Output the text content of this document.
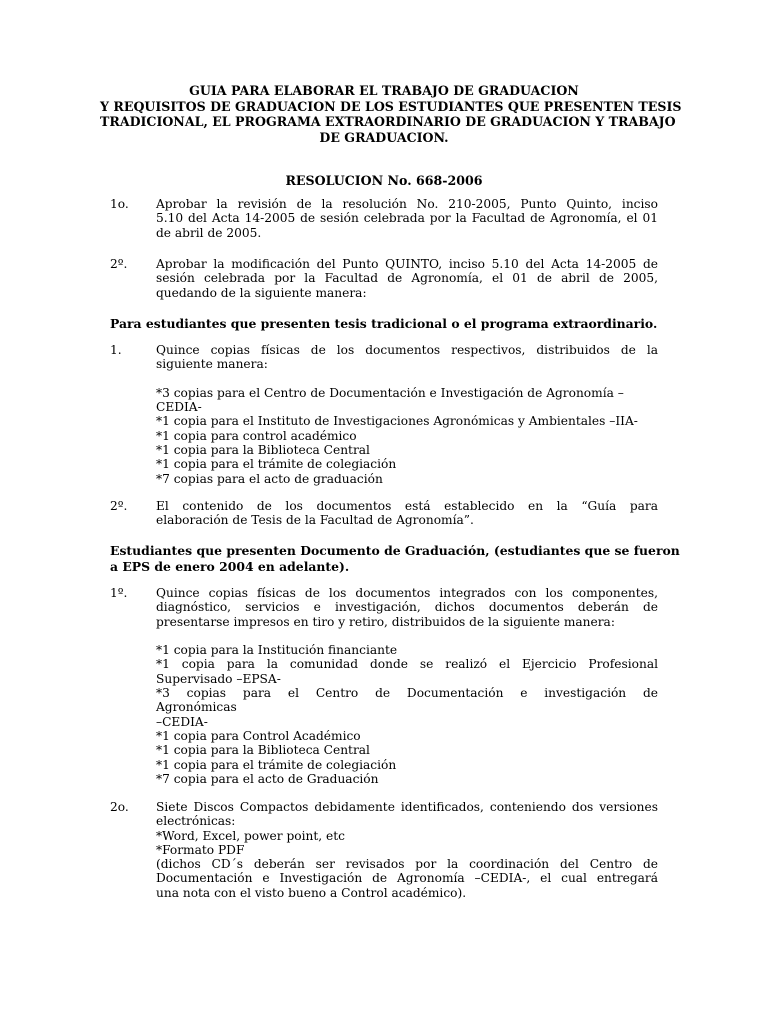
GUIA PARA ELABORAR EL TRABAJO DE GRADUACION
Y REQUISITOS DE GRADUACION DE LOS ESTUDIANTES QUE PRESENTEN TESIS
TRADICIONAL, EL PROGRAMA EXTRAORDINARIO DE GRADUACION Y TRABAJO
DE GRADUACION.
RESOLUCION No. 668-2006
1o.	Aprobar la revisión de la resolución No. 210-2005, Punto Quinto, inciso
5.10 del Acta 14-2005 de sesión celebrada por la Facultad de Agronomía, el 01
de abril de 2005.
2º.	Aprobar la modificación del Punto QUINTO, inciso 5.10 del Acta 14-2005 de
sesión celebrada por la Facultad de Agronomía, el 01 de abril de 2005,
quedando de la siguiente manera:
Para estudiantes que presenten tesis tradicional o el programa extraordinario.
1.	Quince copias físicas de los documentos respectivos, distribuidos de la
siguiente manera:
*3 copias para el Centro de Documentación e Investigación de Agronomía –
CEDIA-
*1 copia para el Instituto de Investigaciones Agronómicas y Ambientales –IIA-
*1 copia para control académico
*1 copia para la Biblioteca Central
*1 copia para el trámite de colegiación
*7 copias para el acto de graduación
2º.	El contenido de los documentos está establecido en la “Guía para
elaboración de Tesis de la Facultad de Agronomía”.
Estudiantes que presenten Documento de Graduación, (estudiantes que se fueron
a EPS de enero 2004 en adelante).
1º.	Quince copias físicas de los documentos integrados con los componentes,
diagnóstico, servicios e investigación, dichos documentos deberán de
presentarse impresos en tiro y retiro, distribuidos de la siguiente manera:
*1 copia para la Institución financiante
*1 copia para la comunidad donde se realizó el Ejercicio Profesional
Supervisado –EPSA-
*3 copias para el Centro de Documentación e investigación de
Agronómicas
–CEDIA-
*1 copia para Control Académico
*1 copia para la Biblioteca Central
*1 copia para el trámite de colegiación
*7 copia para el acto de Graduación
2o.	Siete Discos Compactos debidamente identificados, conteniendo dos versiones
electrónicas:
*Word, Excel, power point, etc
*Formato PDF
(dichos CD´s deberán ser revisados por la coordinación del Centro de
Documentación e Investigación de Agronomía –CEDIA-, el cual entregará
una nota con el visto bueno a Control académico).
